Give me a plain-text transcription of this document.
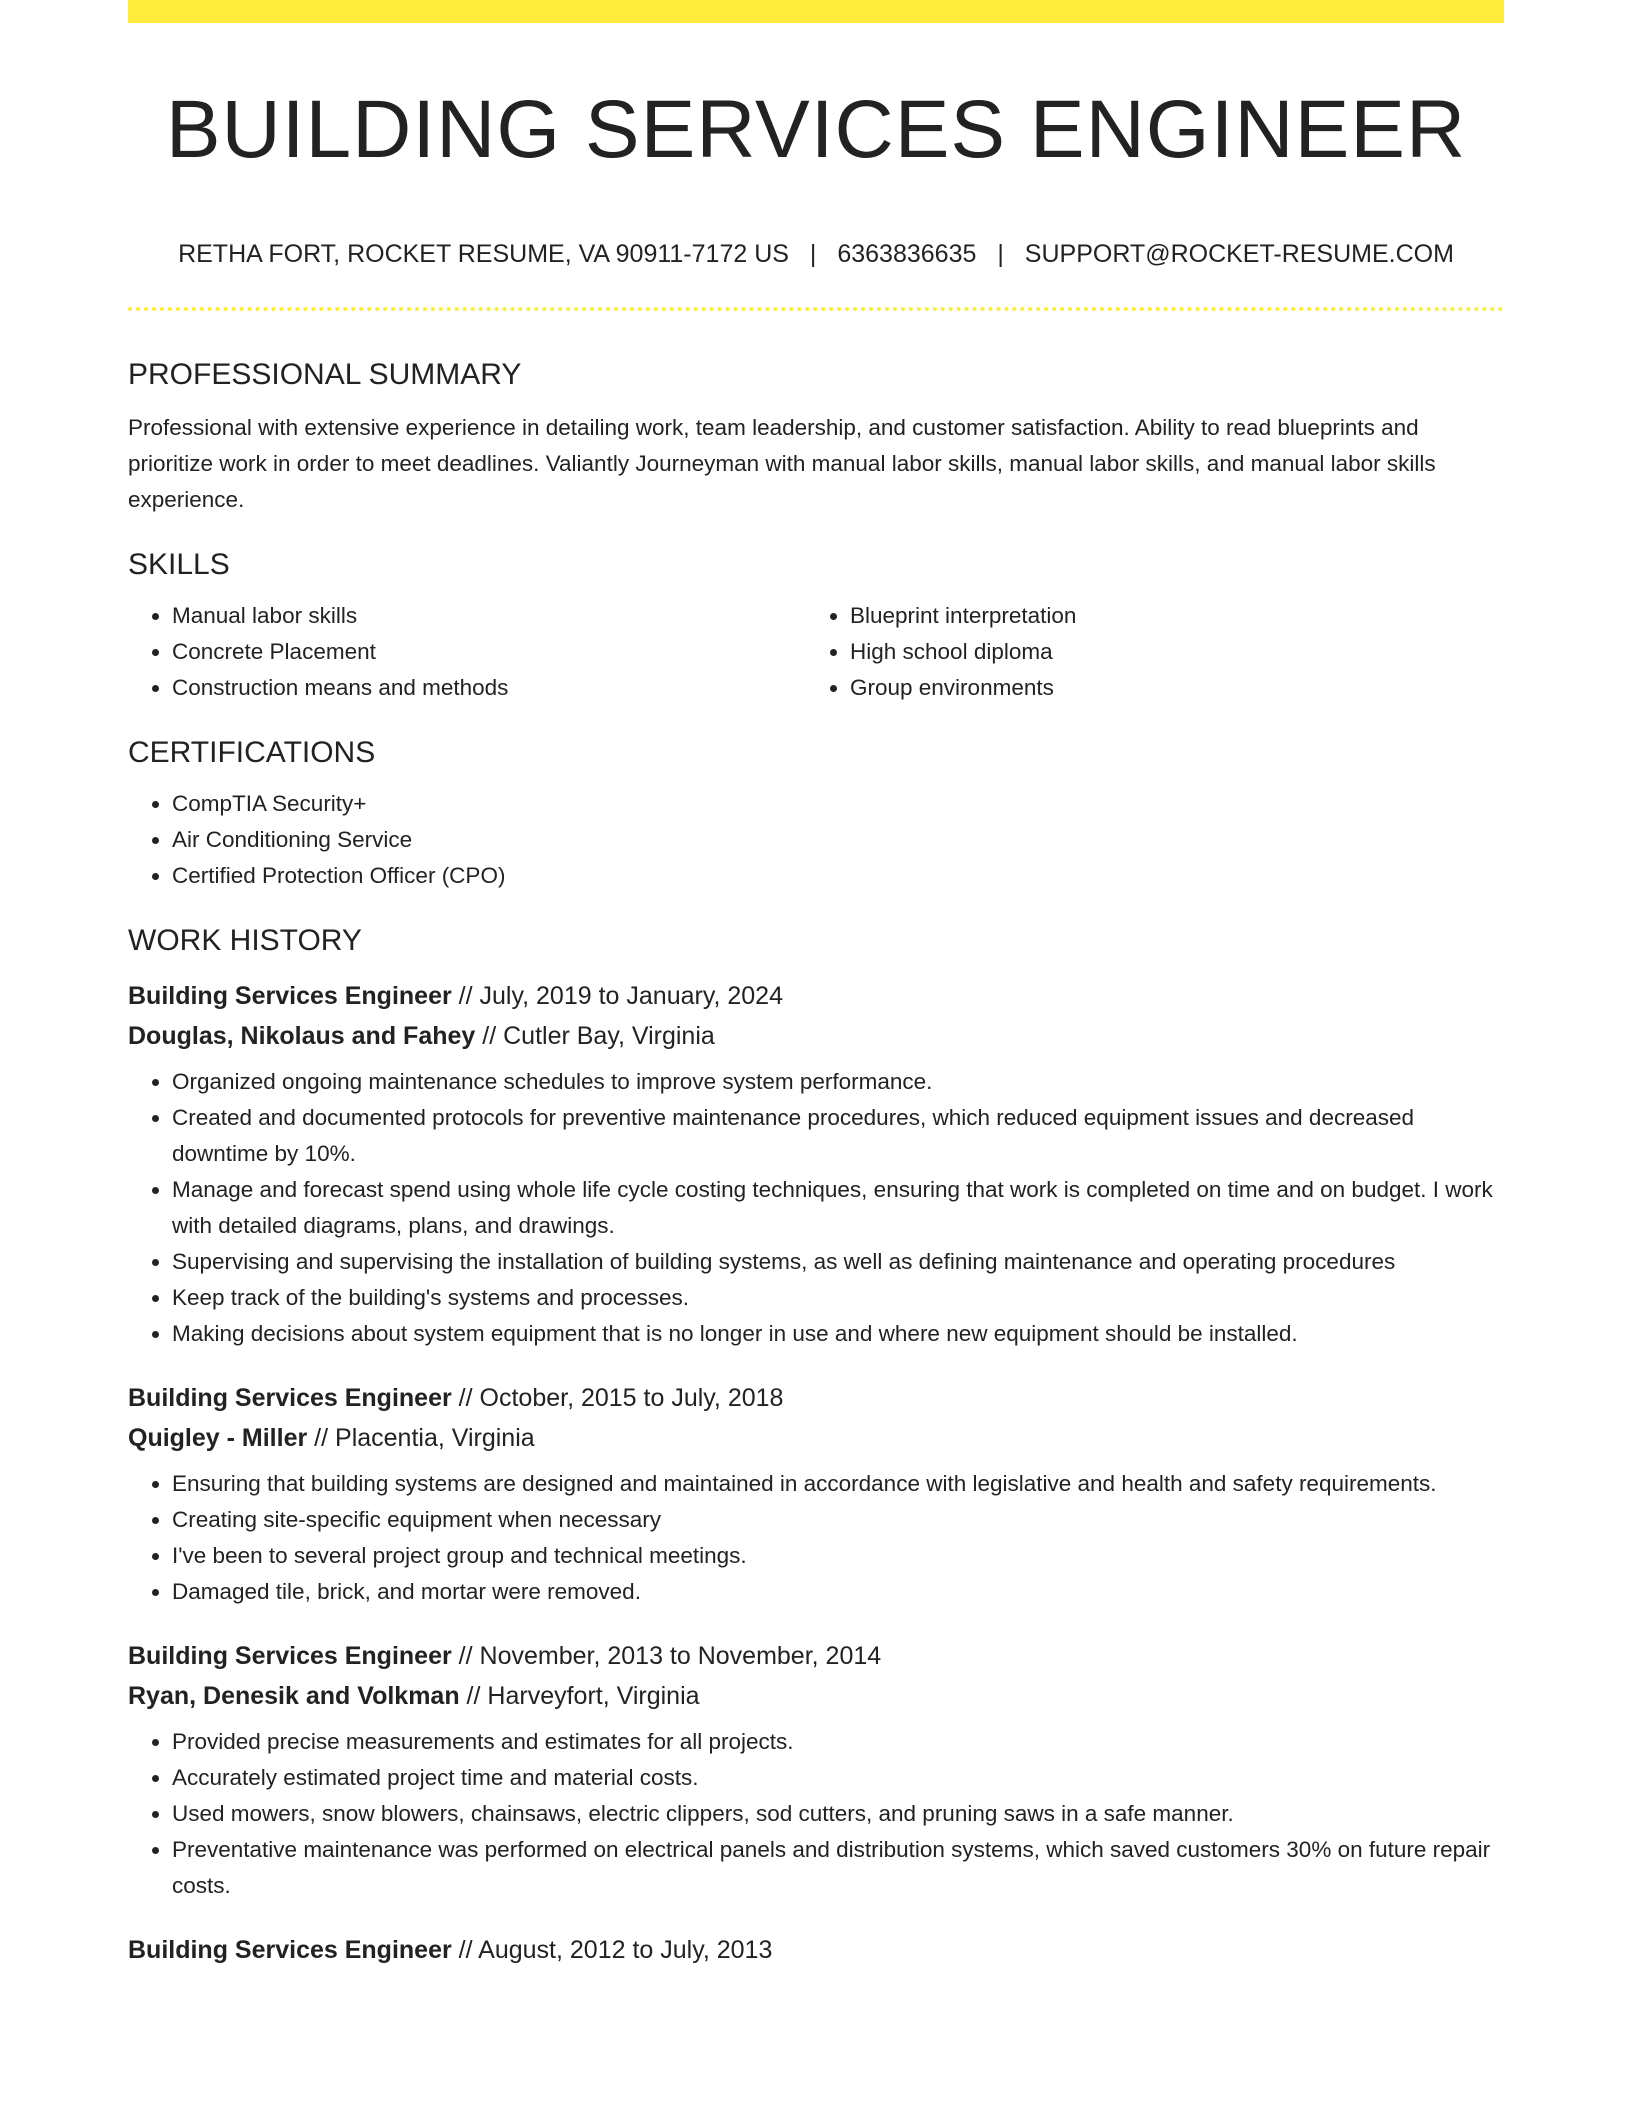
BUILDING SERVICES ENGINEER
RETHA FORT, ROCKET RESUME, VA 90911-7172 US | 6363836635 | SUPPORT@ROCKET-RESUME.COM
PROFESSIONAL SUMMARY

Professional with extensive experience in detailing work, team leadership, and customer satisfaction. Ability to read blueprints and prioritize work in order to meet deadlines. Valiantly Journeyman with manual labor skills, manual labor skills, and manual labor skills experience.

SKILLS
• Manual labor skills
• Concrete Placement
• Construction means and methods
• Blueprint interpretation
• High school diploma
• Group environments
CERTIFICATIONS
• CompTIA Security+
• Air Conditioning Service
• Certified Protection Officer (CPO)
WORK HISTORY

Building Services Engineer // July, 2019 to January, 2024

Douglas, Nikolaus and Fahey // Cutler Bay, Virginia

• Organized ongoing maintenance schedules to improve system performance.
• Created and documented protocols for preventive maintenance procedures, which reduced equipment issues and decreased downtime by 10%.
• Manage and forecast spend using whole life cycle costing techniques, ensuring that work is completed on time and on budget. I work with detailed diagrams, plans, and drawings.
• Supervising and supervising the installation of building systems, as well as defining maintenance and operating procedures
• Keep track of the building's systems and processes.
• Making decisions about system equipment that is no longer in use and where new equipment should be installed.

Building Services Engineer // October, 2015 to July, 2018

Quigley - Miller // Placentia, Virginia

• Ensuring that building systems are designed and maintained in accordance with legislative and health and safety requirements.
• Creating site-specific equipment when necessary
• I've been to several project group and technical meetings.
• Damaged tile, brick, and mortar were removed.

Building Services Engineer // November, 2013 to November, 2014

Ryan, Denesik and Volkman // Harveyfort, Virginia

• Provided precise measurements and estimates for all projects.
• Accurately estimated project time and material costs.
• Used mowers, snow blowers, chainsaws, electric clippers, sod cutters, and pruning saws in a safe manner.
• Preventative maintenance was performed on electrical panels and distribution systems, which saved customers 30% on future repair costs.

Building Services Engineer // August, 2012 to July, 2013
